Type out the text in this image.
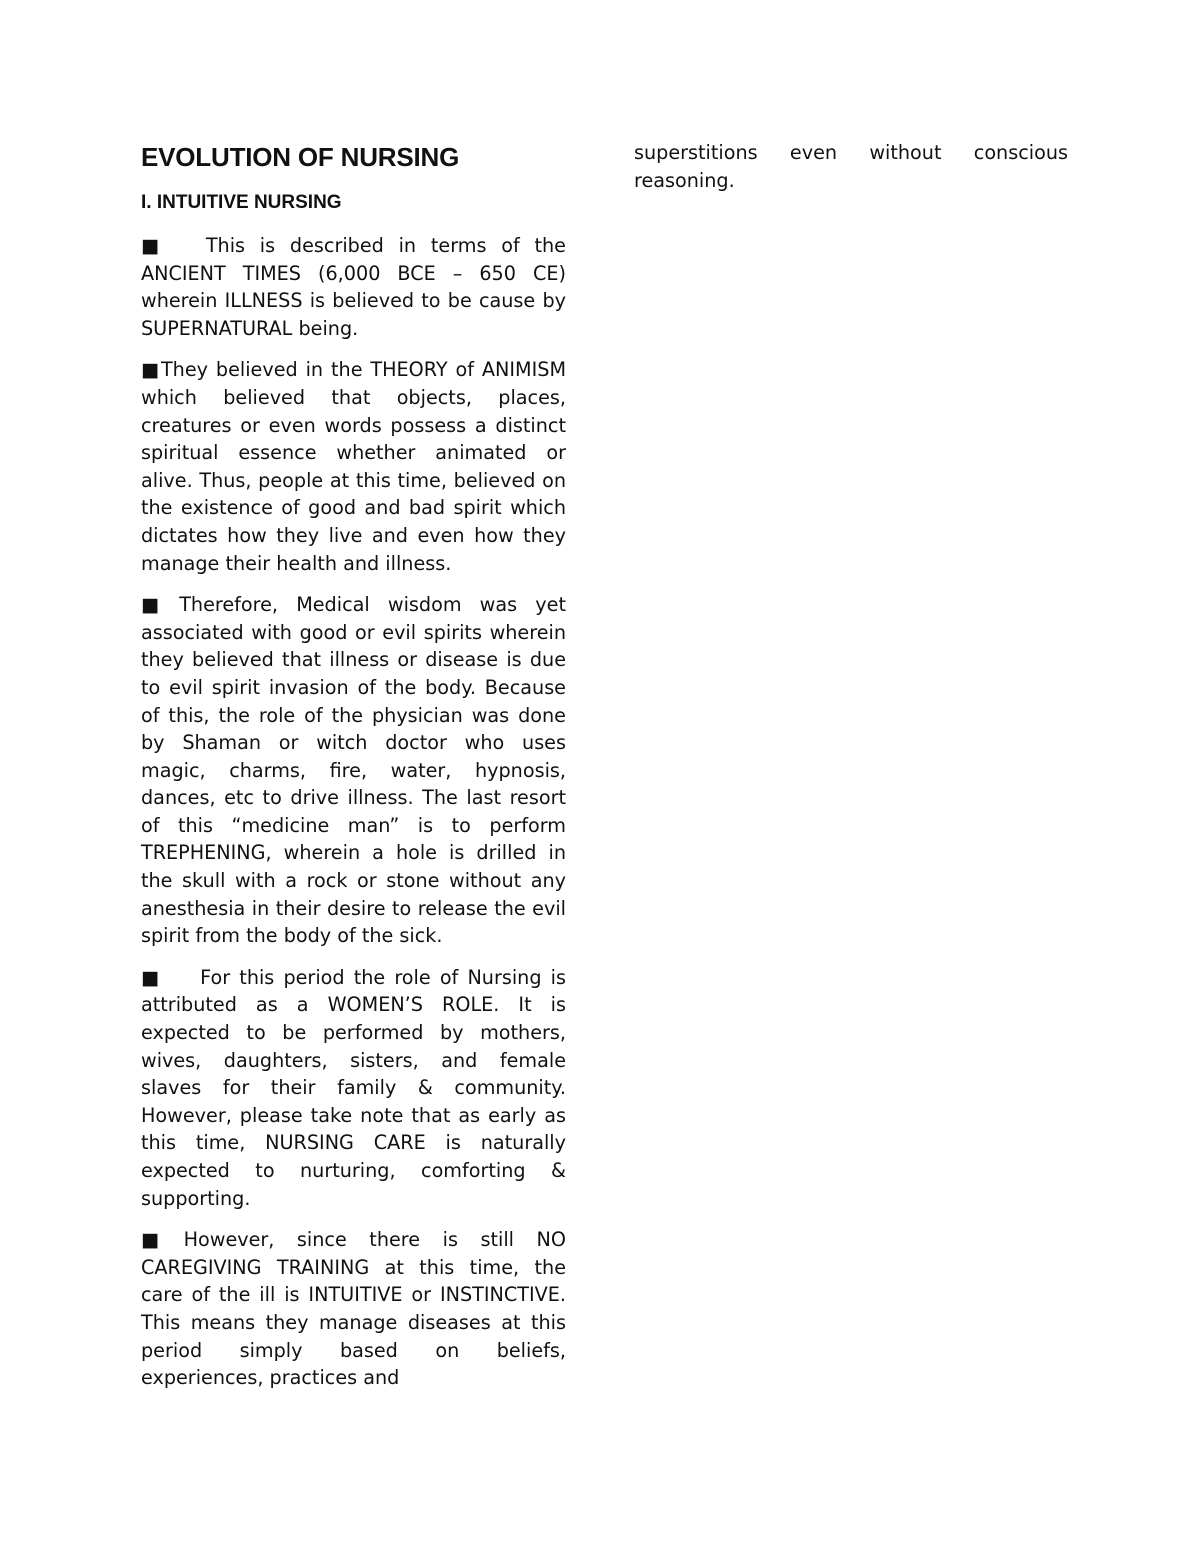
EVOLUTION OF NURSING
I. INTUITIVE NURSING

■ This is described in terms of the ANCIENT TIMES (6,000 BCE – 650 CE) wherein ILLNESS is believed to be cause by SUPERNATURAL being.

■They believed in the THEORY of ANIMISM which believed that objects, places, creatures or even words possess a distinct spiritual essence whether animated or alive. Thus, people at this time, believed on the existence of good and bad spirit which dictates how they live and even how they manage their health and illness.

■ Therefore, Medical wisdom was yet associated with good or evil spirits wherein they believed that illness or disease is due to evil spirit invasion of the body. Because of this, the role of the physician was done by Shaman or witch doctor who uses magic, charms, fire, water, hypnosis, dances, etc to drive illness. The last resort of this “medicine man” is to perform TREPHENING, wherein a hole is drilled in the skull with a rock or stone without any anesthesia in their desire to release the evil spirit from the body of the sick.

■ For this period the role of Nursing is attributed as a WOMEN’S ROLE. It is expected to be performed by mothers, wives, daughters, sisters, and female slaves for their family & community. However, please take note that as early as this time, NURSING CARE is naturally expected to nurturing, comforting & supporting.

■ However, since there is still NO CAREGIVING TRAINING at this time, the care of the ill is INTUITIVE or INSTINCTIVE. This means they manage diseases at this period simply based on beliefs, experiences, practices and

superstitions even without conscious reasoning.
